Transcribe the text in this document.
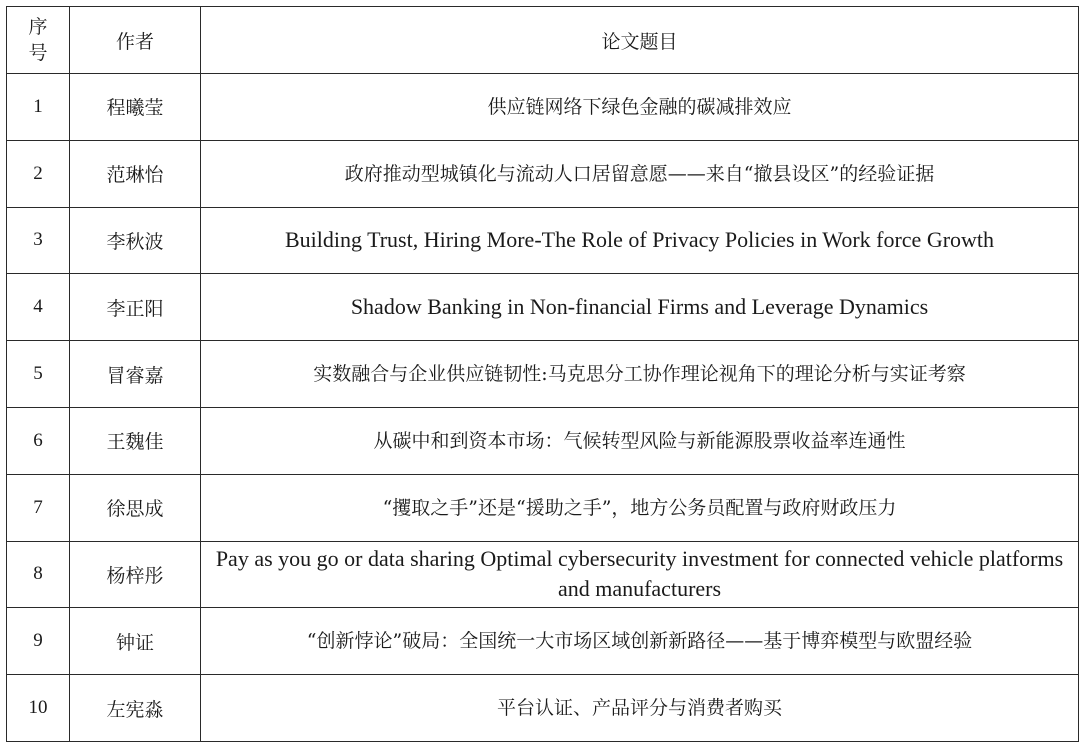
序号	作者	论文题目
1	程曦莹	供应链网络下绿色金融的碳减排效应
2	范琳怡	政府推动型城镇化与流动人口居留意愿——来自“撤县设区”的经验证据
3	李秋波	Building Trust, Hiring More-The Role of Privacy Policies in Work force Growth
4	李正阳	Shadow Banking in Non-financial Firms and Leverage Dynamics
5	冒睿嘉	实数融合与企业供应链韧性:马克思分工协作理论视角下的理论分析与实证考察
6	王魏佳	从碳中和到资本市场：气候转型风险与新能源股票收益率连通性
7	徐思成	“攫取之手”还是“援助之手”，地方公务员配置与政府财政压力
8	杨梓彤	Pay as you go or data sharing Optimal cybersecurity investment for connected vehicle platforms and manufacturers
9	钟证	“创新悖论”破局：全国统一大市场区域创新新路径——基于博弈模型与欧盟经验
10	左宪淼	平台认证、产品评分与消费者购买
